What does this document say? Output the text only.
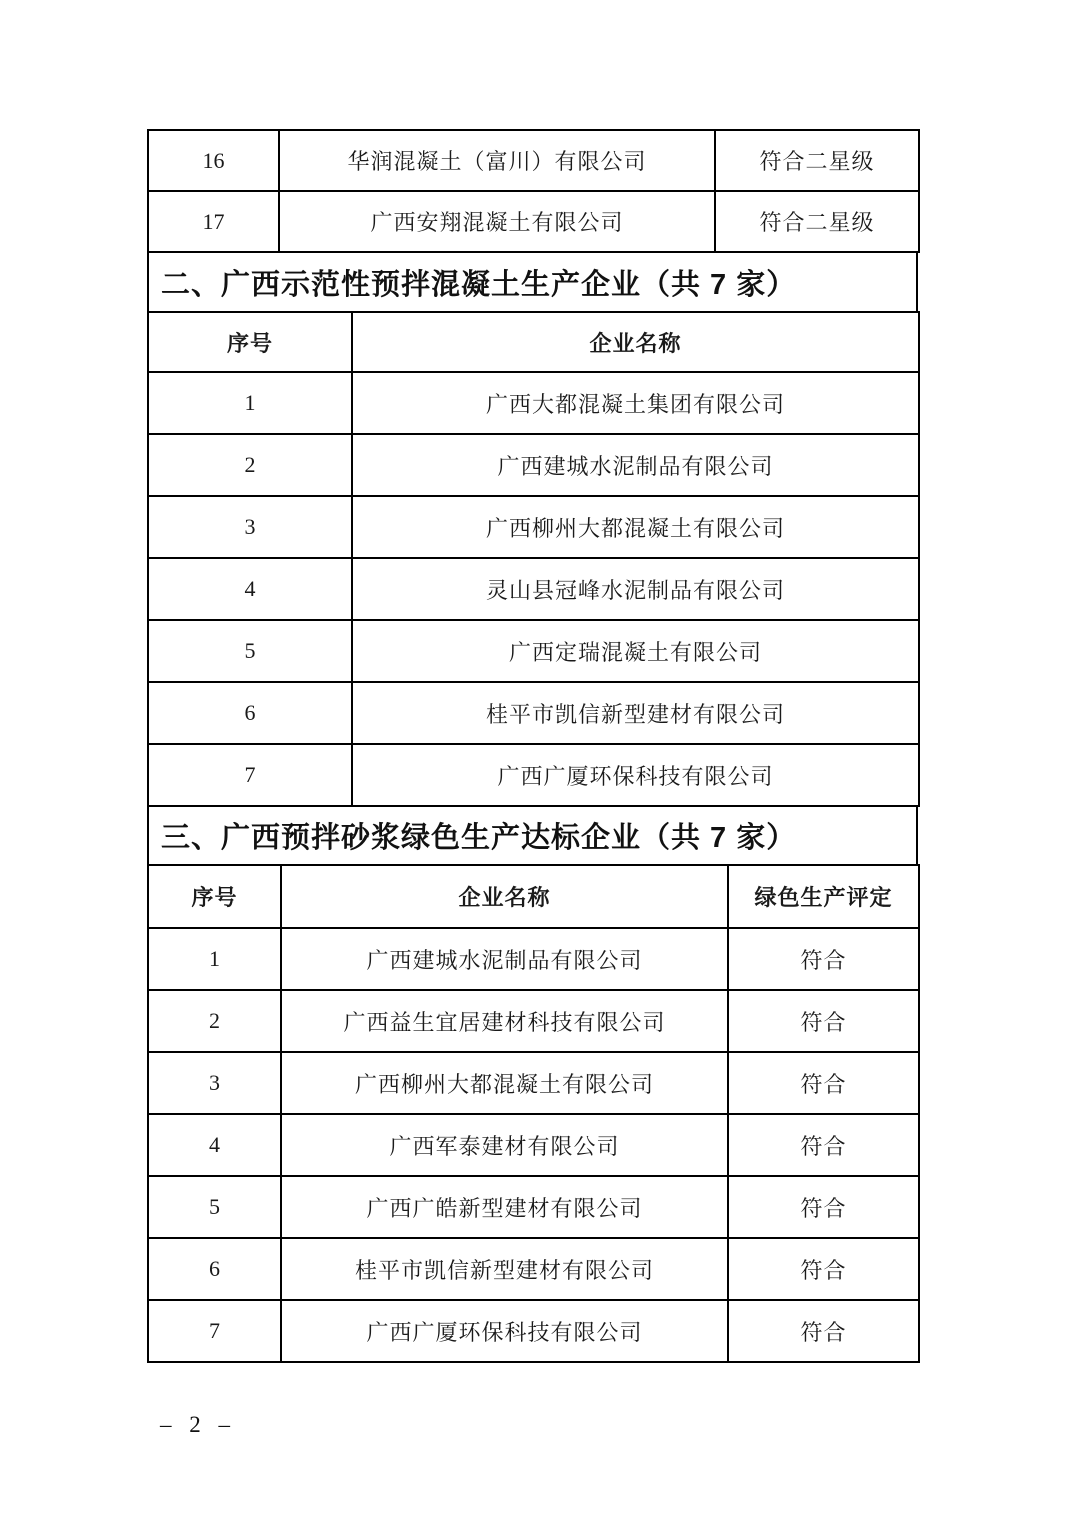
16	华润混凝土（富川）有限公司	符合二星级
17	广西安翔混凝土有限公司	符合二星级
二、广西示范性预拌混凝土生产企业（共 7 家）
序号	企业名称
1	广西大都混凝土集团有限公司
2	广西建城水泥制品有限公司
3	广西柳州大都混凝土有限公司
4	灵山县冠峰水泥制品有限公司
5	广西定瑞混凝土有限公司
6	桂平市凯信新型建材有限公司
7	广西广厦环保科技有限公司
三、广西预拌砂浆绿色生产达标企业（共 7 家）
序号	企业名称	绿色生产评定
1	广西建城水泥制品有限公司	符合
2	广西益生宜居建材科技有限公司	符合
3	广西柳州大都混凝土有限公司	符合
4	广西军泰建材有限公司	符合
5	广西广皓新型建材有限公司	符合
6	桂平市凯信新型建材有限公司	符合
7	广西广厦环保科技有限公司	符合
– 2 –
